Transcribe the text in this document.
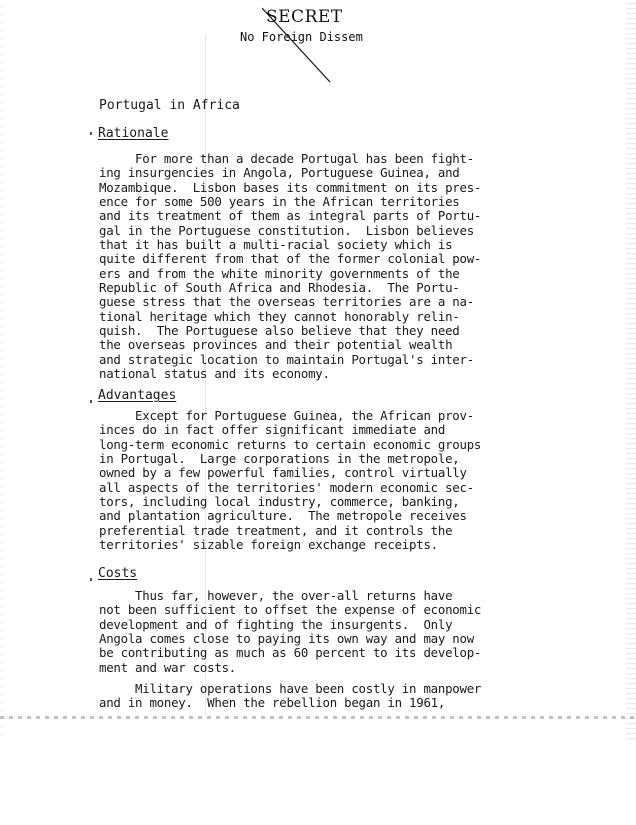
SECRET
No Foreign Dissem
Portugal in Africa
Rationale

For more than a decade Portugal has been fight-
ing insurgencies in Angola, Portuguese Guinea, and
Mozambique.  Lisbon bases its commitment on its pres-
ence for some 500 years in the African territories
and its treatment of them as integral parts of Portu-
gal in the Portuguese constitution.  Lisbon believes
that it has built a multi-racial society which is
quite different from that of the former colonial pow-
ers and from the white minority governments of the
Republic of South Africa and Rhodesia.  The Portu-
guese stress that the overseas territories are a na-
tional heritage which they cannot honorably relin-
quish.  The Portuguese also believe that they need
the overseas provinces and their potential wealth
and strategic location to maintain Portugal's inter-
national status and its economy.

Advantages

Except for Portuguese Guinea, the African prov-
inces do in fact offer significant immediate and
long-term economic returns to certain economic groups
in Portugal.  Large corporations in the metropole,
owned by a few powerful families, control virtually
all aspects of the territories' modern economic sec-
tors, including local industry, commerce, banking,
and plantation agriculture.  The metropole receives
preferential trade treatment, and it controls the
territories' sizable foreign exchange receipts.

Costs

Thus far, however, the over-all returns have
not been sufficient to offset the expense of economic
development and of fighting the insurgents.  Only
Angola comes close to paying its own way and may now
be contributing as much as 60 percent to its develop-
ment and war costs.

Military operations have been costly in manpower
and in money.  When the rebellion began in 1961,
